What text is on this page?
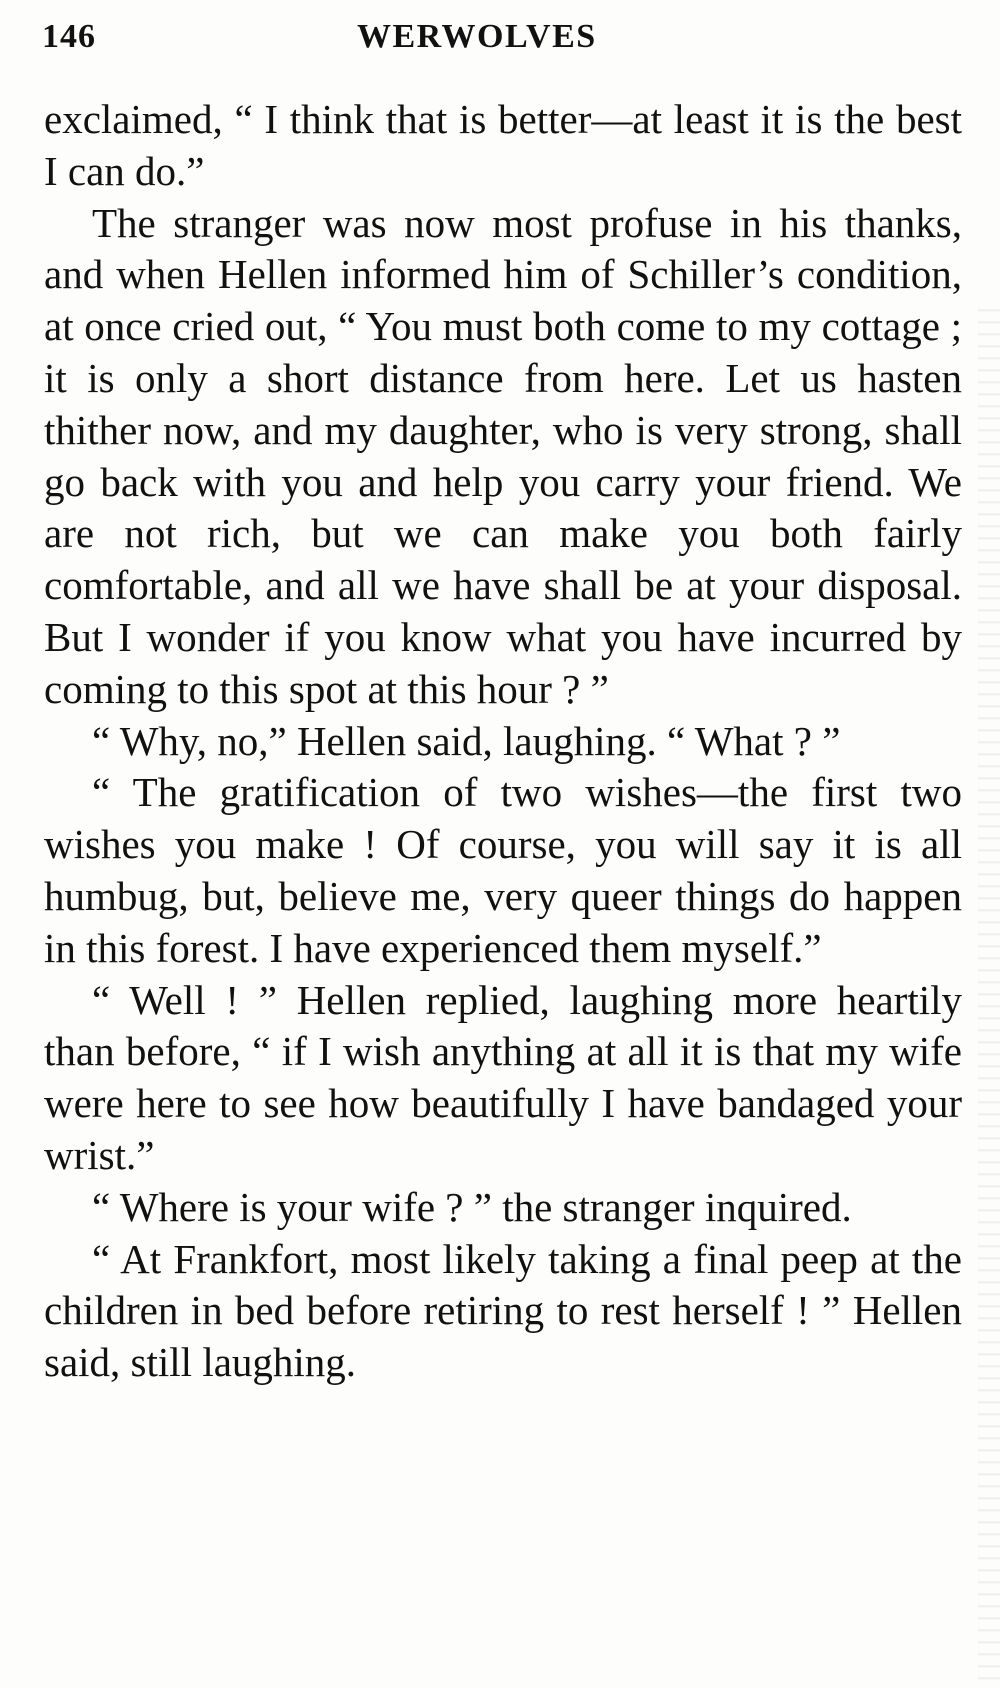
146	WERWOLVES

exclaimed, “ I think that is better—at least it is the best I can do.”

The stranger was now most profuse in his thanks, and when Hellen informed him of Schiller’s condition, at once cried out, “ You must both come to my cottage ; it is only a short distance from here. Let us hasten thither now, and my daughter, who is very strong, shall go back with you and help you carry your friend. We are not rich, but we can make you both fairly comfortable, and all we have shall be at your disposal. But I wonder if you know what you have incurred by coming to this spot at this hour ? ”

“ Why, no,” Hellen said, laughing. “ What ? ”

“ The gratification of two wishes—the first two wishes you make ! Of course, you will say it is all humbug, but, believe me, very queer things do happen in this forest. I have experienced them myself.”

“ Well ! ” Hellen replied, laughing more heartily than before, “ if I wish anything at all it is that my wife were here to see how beautifully I have bandaged your wrist.”

“ Where is your wife ? ” the stranger inquired.

“ At Frankfort, most likely taking a final peep at the children in bed before retiring to rest herself ! ” Hellen said, still laughing.
